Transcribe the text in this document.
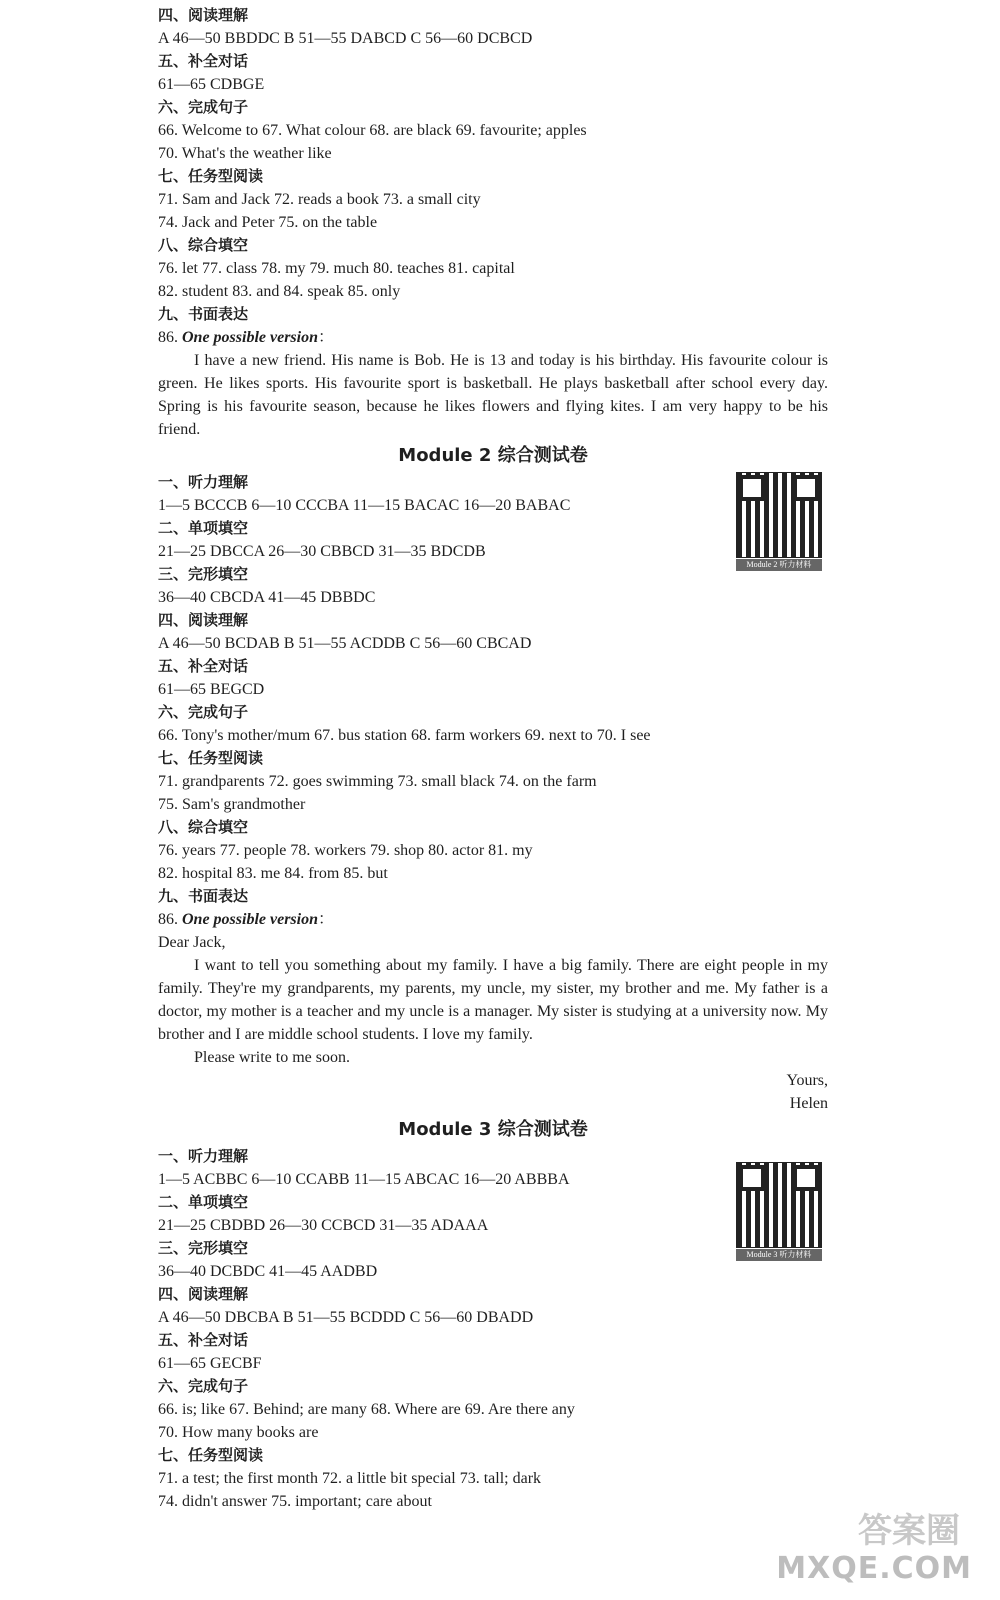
四、阅读理解
A 46—50 BBDDC B 51—55 DABCD C 56—60 DCBCD
五、补全对话
61—65 CDBGE
六、完成句子
66. Welcome to 67. What colour 68. are black 69. favourite; apples
70. What's the weather like
七、任务型阅读
71. Sam and Jack 72. reads a book 73. a small city
74. Jack and Peter 75. on the table
八、综合填空
76. let 77. class 78. my 79. much 80. teaches 81. capital
82. student 83. and 84. speak 85. only
九、书面表达
86. One possible version：
I have a new friend. His name is Bob. He is 13 and today is his birthday. His favourite colour is green. He likes sports. His favourite sport is basketball. He plays basketball after school every day. Spring is his favourite season, because he likes flowers and flying kites. I am very happy to be his friend.
Module 2 综合测试卷
一、听力理解
1—5 BCCCB 6—10 CCCBA 11—15 BACAC 16—20 BABAC
二、单项填空
21—25 DBCCA 26—30 CBBCD 31—35 BDCDB
三、完形填空
36—40 CBCDA 41—45 DBBDC
四、阅读理解
A 46—50 BCDAB B 51—55 ACDDB C 56—60 CBCAD
五、补全对话
61—65 BEGCD
六、完成句子
66. Tony's mother/mum 67. bus station 68. farm workers 69. next to 70. I see
七、任务型阅读
71. grandparents 72. goes swimming 73. small black 74. on the farm
75. Sam's grandmother
八、综合填空
76. years 77. people 78. workers 79. shop 80. actor 81. my
82. hospital 83. me 84. from 85. but
九、书面表达
86. One possible version：
Dear Jack,
I want to tell you something about my family. I have a big family. There are eight people in my family. They're my grandparents, my parents, my uncle, my sister, my brother and me. My father is a doctor, my mother is a teacher and my uncle is a manager. My sister is studying at a university now. My brother and I are middle school students. I love my family.
Please write to me soon.
Yours,
Helen
Module 3 综合测试卷
一、听力理解
1—5 ACBBC 6—10 CCABB 11—15 ABCAC 16—20 ABBBA
二、单项填空
21—25 CBDBD 26—30 CCBCD 31—35 ADAAA
三、完形填空
36—40 DCBDC 41—45 AADBD
四、阅读理解
A 46—50 DBCBA B 51—55 BCDDD C 56—60 DBADD
五、补全对话
61—65 GECBF
六、完成句子
66. is; like 67. Behind; are many 68. Where are 69. Are there any
70. How many books are
七、任务型阅读
71. a test; the first month 72. a little bit special 73. tall; dark
74. didn't answer 75. important; care about
Module 2 听力材料
Module 3 听力材料
答案圈
MXQE.COM
